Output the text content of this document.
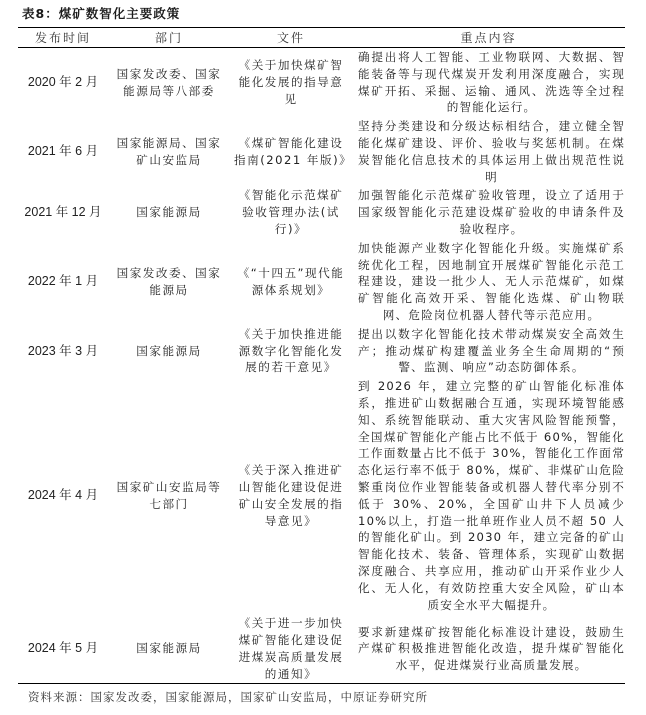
表8：煤矿数智化主要政策
发布时间	部门	文件	重点内容
2020 年 2 月	国家发改委、国家能源局等八部委	《关于加快煤矿智能化发展的指导意见	确提出将人工智能、工业物联网、大数据、智能装备等与现代煤炭开发利用深度融合，实现煤矿开拓、采掘、运输、通风、洗选等全过程的智能化运行。
2021 年 6 月	国家能源局、国家矿山安监局	《煤矿智能化建设指南(2021 年版)》	坚持分类建设和分级达标相结合，建立健全智能化煤矿建设、评价、验收与奖惩机制。在煤炭智能化信息技术的具体运用上做出规范性说明
2021 年 12 月	国家能源局	《智能化示范煤矿验收管理办法(试行)》	加强智能化示范煤矿验收管理，设立了适用于国家级智能化示范建设煤矿验收的申请条件及验收程序。
2022 年 1 月	国家发改委、国家能源局	《“十四五”现代能源体系规划》	加快能源产业数字化智能化升级。实施煤矿系统优化工程，因地制宜开展煤矿智能化示范工程建设，建设一批少人、无人示范煤矿，如煤矿智能化高效开采、智能化选煤、矿山物联网、危险岗位机器人替代等示范应用。
2023 年 3 月	国家能源局	《关于加快推进能源数字化智能化发展的若干意见》	提出以数字化智能化技术带动煤炭安全高效生产；推动煤矿构建覆盖业务全生命周期的“预警、监测、响应”动态防御体系。
2024 年 4 月	国家矿山安监局等七部门	《关于深入推进矿山智能化建设促进矿山安全发展的指导意见》	到 2026 年，建立完整的矿山智能化标准体系，推进矿山数据融合互通，实现环境智能感知、系统智能联动、重大灾害风险智能预警，全国煤矿智能化产能占比不低于 60%，智能化工作面数量占比不低于 30%，智能化工作面常态化运行率不低于 80%，煤矿、非煤矿山危险繁重岗位作业智能装备或机器人替代率分别不低于 30%、20%，全国矿山井下人员减少 10%以上，打造一批单班作业人员不超 50 人的智能化矿山。到 2030 年，建立完备的矿山智能化技术、装备、管理体系，实现矿山数据深度融合、共享应用，推动矿山开采作业少人化、无人化，有效防控重大安全风险，矿山本质安全水平大幅提升。
2024 年 5 月	国家能源局	《关于进一步加快煤矿智能化建设促进煤炭高质量发展的通知》	要求新建煤矿按智能化标准设计建设，鼓励生产煤矿积极推进智能化改造，提升煤矿智能化水平，促进煤炭行业高质量发展。
资料来源：国家发改委，国家能源局，国家矿山安监局，中原证券研究所
